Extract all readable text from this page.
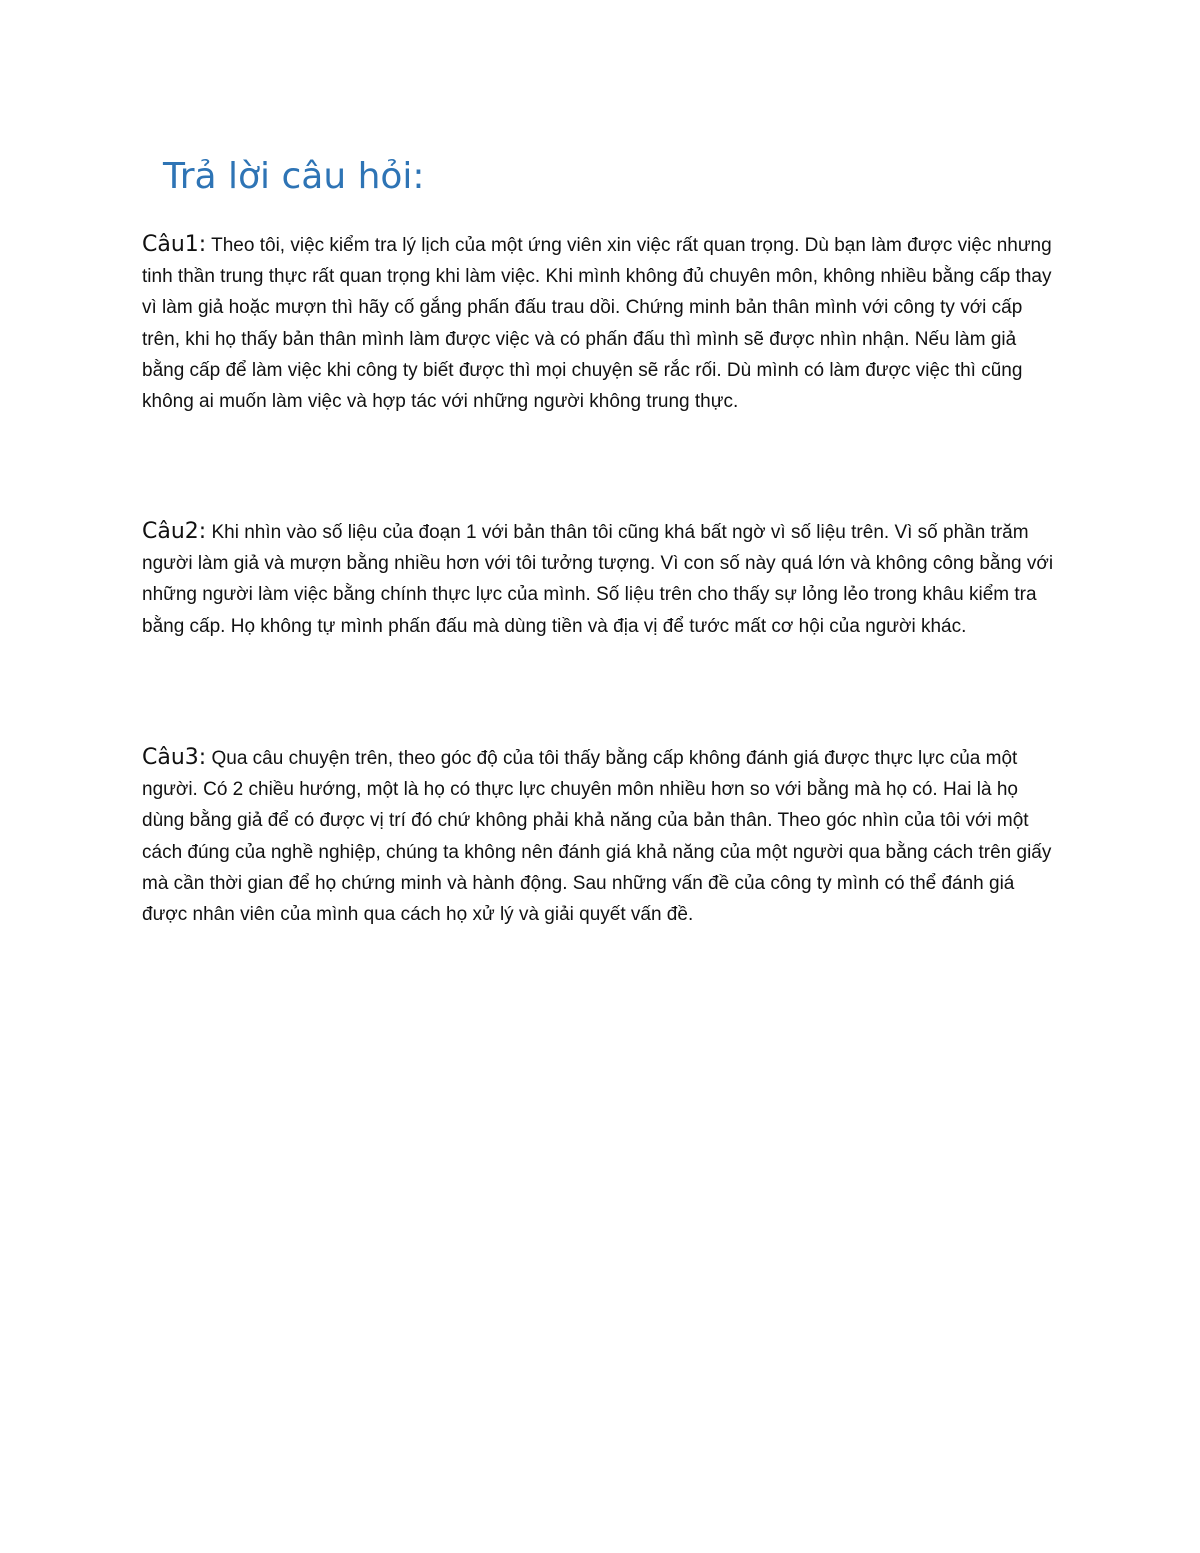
Trả lời câu hỏi:

Câu1: Theo tôi, việc kiểm tra lý lịch của một ứng viên xin việc rất quan trọng. Dù bạn làm được việc nhưng tinh thần trung thực rất quan trọng khi làm việc. Khi mình không đủ chuyên môn, không nhiều bằng cấp thay vì làm giả hoặc mượn thì hãy cố gắng phấn đấu trau dồi. Chứng minh bản thân mình với công ty với cấp trên, khi họ thấy bản thân mình làm được việc và có phấn đấu thì mình sẽ được nhìn nhận. Nếu làm giả bằng cấp để làm việc khi công ty biết được thì mọi chuyện sẽ rắc rối. Dù mình có làm được việc thì cũng không ai muốn làm việc và hợp tác với những người không trung thực.

Câu2: Khi nhìn vào số liệu của đoạn 1 với bản thân tôi cũng khá bất ngờ vì số liệu trên. Vì số phần trăm người làm giả và mượn bằng nhiều hơn với tôi tưởng tượng. Vì con số này quá lớn và không công bằng với những người làm việc bằng chính thực lực của mình. Số liệu trên cho thấy sự lỏng lẻo trong khâu kiểm tra bằng cấp. Họ không tự mình phấn đấu mà dùng tiền và địa vị để tước mất cơ hội của người khác.

Câu3: Qua câu chuyện trên, theo góc độ của tôi thấy bằng cấp không đánh giá được thực lực của một người. Có 2 chiều hướng, một là họ có thực lực chuyên môn nhiều hơn so với bằng mà họ có. Hai là họ dùng bằng giả để có được vị trí đó chứ không phải khả năng của bản thân. Theo góc nhìn của tôi với một cách đúng của nghề nghiệp, chúng ta không nên đánh giá khả năng của một người qua bằng cách trên giấy mà cần thời gian để họ chứng minh và hành động. Sau những vấn đề của công ty mình có thể đánh giá được nhân viên của mình qua cách họ xử lý và giải quyết vấn đề.
